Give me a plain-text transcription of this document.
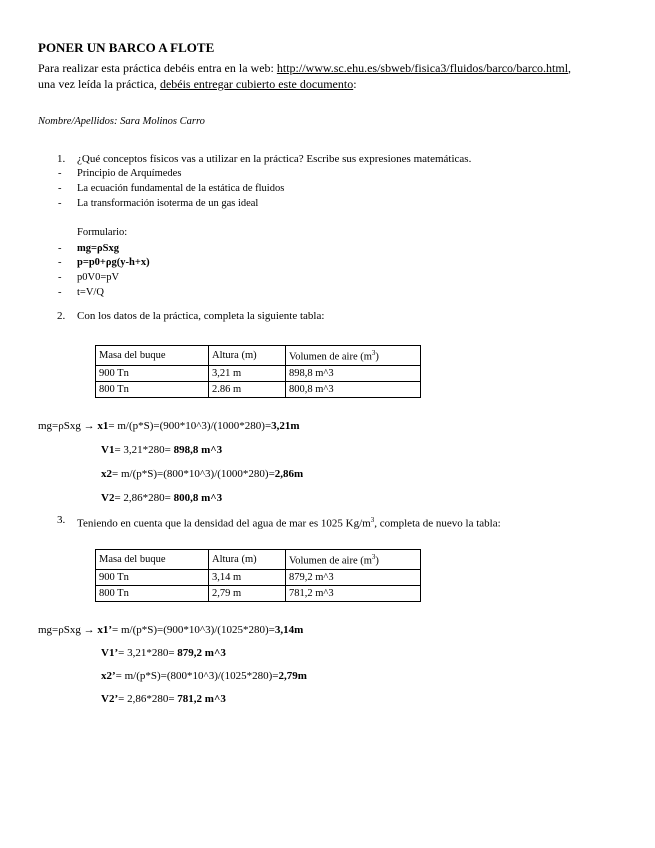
PONER UN BARCO A FLOTE

Para realizar esta práctica debéis entra en la web: http://www.sc.ehu.es/sbweb/fisica3/fluidos/barco/barco.html,
una vez leída la práctica, debéis entregar cubierto este documento:

Nombre/Apellidos: Sara Molinos Carro

1. ¿Qué conceptos físicos vas a utilizar en la práctica? Escribe sus expresiones matemáticas.

- Principio de Arquímedes

- La ecuación fundamental de la estática de fluidos

- La transformación isoterma de un gas ideal

Formulario:

- mg=ρSxg

- p=p0+ρg(y-h+x)

- p0V0=pV

- t=V/Q

2. Con los datos de la práctica, completa la siguiente tabla:

Masa del buque	Altura (m)	Volumen de aire $(m^3)$
900 Tn	3,21 m	898,8 m^3
800 Tn	2.86 m	800,8 m^3

mg=ρSxg → x1= m/(p*S)=(900*10^3)/(1000*280)=3,21m

V1= 3,21*280= 898,8 m^3

x2= m/(p*S)=(800*10^3)/(1000*280)=2,86m

V2= 2,86*280= 800,8 m^3

3. Teniendo en cuenta que la densidad del agua de mar es 1025 $Kg/m^3$, completa de nuevo la tabla:

Masa del buque	Altura (m)	Volumen de aire $(m^3)$
900 Tn	3,14 m	879,2 m^3
800 Tn	2,79 m	781,2 m^3

mg=ρSxg → x1’= m/(p*S)=(900*10^3)/(1025*280)=3,14m

V1’= 3,21*280= 879,2 m^3

x2’= m/(p*S)=(800*10^3)/(1025*280)=2,79m

V2’= 2,86*280= 781,2 m^3
